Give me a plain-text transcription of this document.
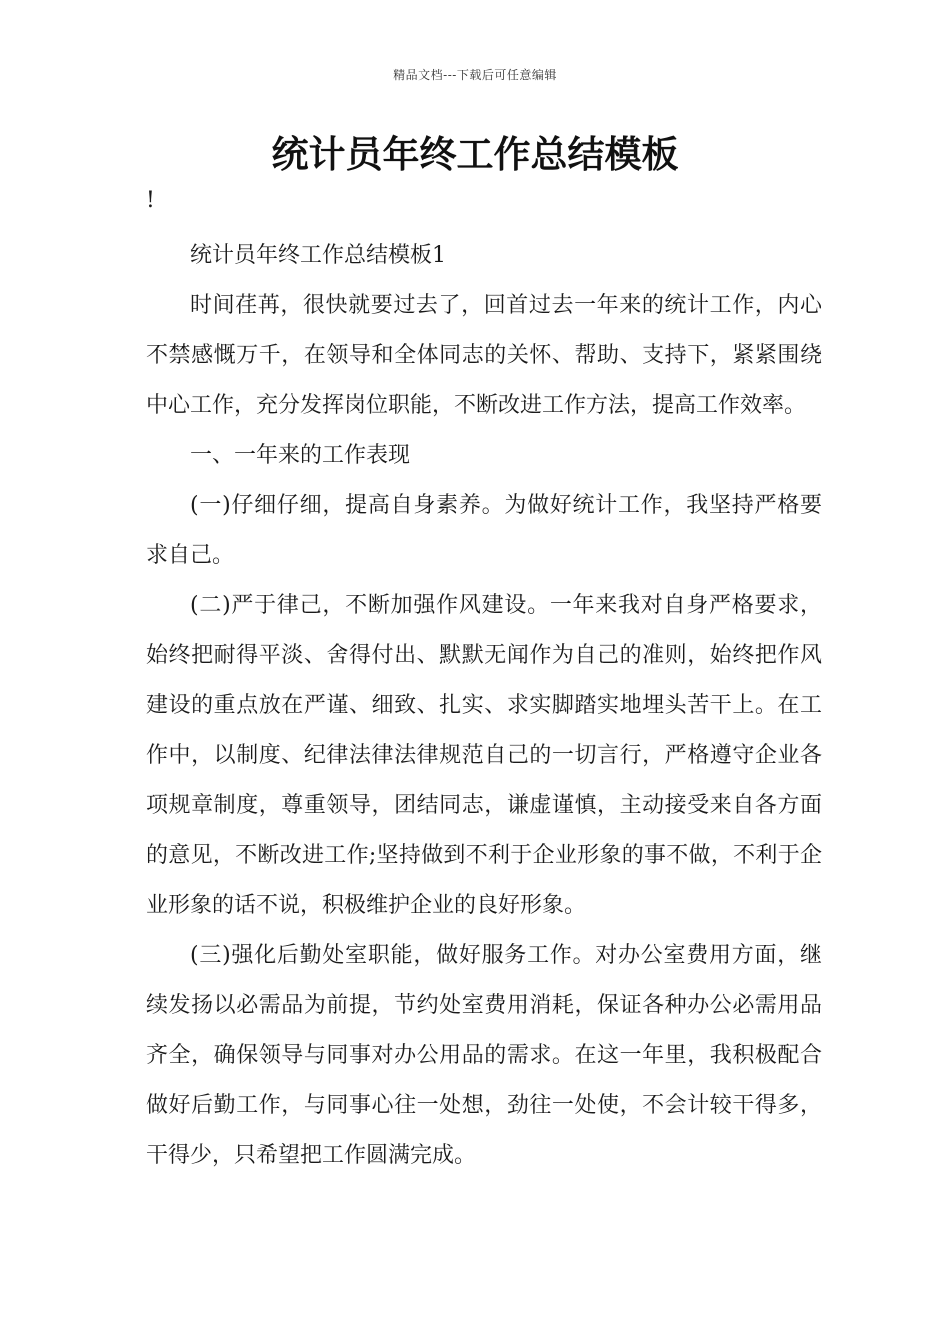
精品文档---下载后可任意编辑
统计员年终工作总结模板
!

统计员年终工作总结模板1

时间荏苒，很快就要过去了，回首过去一年来的统计工作，内心不禁感慨万千，在领导和全体同志的关怀、帮助、支持下，紧紧围绕中心工作，充分发挥岗位职能，不断改进工作方法，提高工作效率。

一、一年来的工作表现

(一)仔细仔细，提高自身素养。为做好统计工作，我坚持严格要求自己。

(二)严于律己，不断加强作风建设。一年来我对自身严格要求，始终把耐得平淡、舍得付出、默默无闻作为自己的准则，始终把作风建设的重点放在严谨、细致、扎实、求实脚踏实地埋头苦干上。在工作中，以制度、纪律法律法律规范自己的一切言行，严格遵守企业各项规章制度，尊重领导，团结同志，谦虚谨慎，主动接受来自各方面的意见，不断改进工作;坚持做到不利于企业形象的事不做，不利于企业形象的话不说，积极维护企业的良好形象。

(三)强化后勤处室职能，做好服务工作。对办公室费用方面，继续发扬以必需品为前提，节约处室费用消耗，保证各种办公必需用品齐全，确保领导与同事对办公用品的需求。在这一年里，我积极配合做好后勤工作，与同事心往一处想，劲往一处使，不会计较干得多，干得少，只希望把工作圆满完成。
